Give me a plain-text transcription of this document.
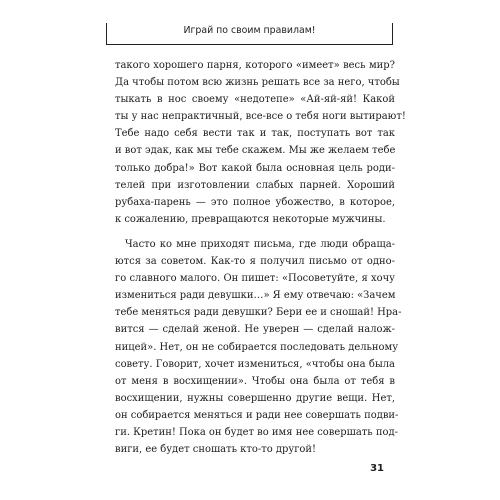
Играй по своим правилам!
такого хорошего парня, которого «имеет» весь мир?
Да чтобы потом всю жизнь решать все за него, чтобы
тыкать в нос своему «недотепе» «Ай-яй-яй! Какой
ты у нас непрактичный, все-все о тебя ноги вытирают!
Тебе надо себя вести так и так, поступать вот так
и вот эдак, как мы тебе скажем. Мы же желаем тебе
только добра!» Вот какой была основная цель роди-
телей при изготовлении слабых парней. Хороший
рубаха-парень — это полное убожество, в которое,
к сожалению, превращаются некоторые мужчины.
Часто ко мне приходят письма, где люди обраща-
ются за советом. Как-то я получил письмо от одно-
го славного малого. Он пишет: «Посоветуйте, я хочу
измениться ради девушки…» Я ему отвечаю: «Зачем
тебе меняться ради девушки? Бери ее и сношай! Нра-
вится — сделай женой. Не уверен — сделай налож-
ницей». Нет, он не собирается последовать дельному
совету. Говорит, хочет измениться, «чтобы она была
от меня в восхищении». Чтобы она была от тебя в
восхищении, нужны совершенно другие вещи. Нет,
он собирается меняться и ради нее совершать подви-
ги. Кретин! Пока он будет во имя нее совершать под-
виги, ее будет сношать кто-то другой!
31
